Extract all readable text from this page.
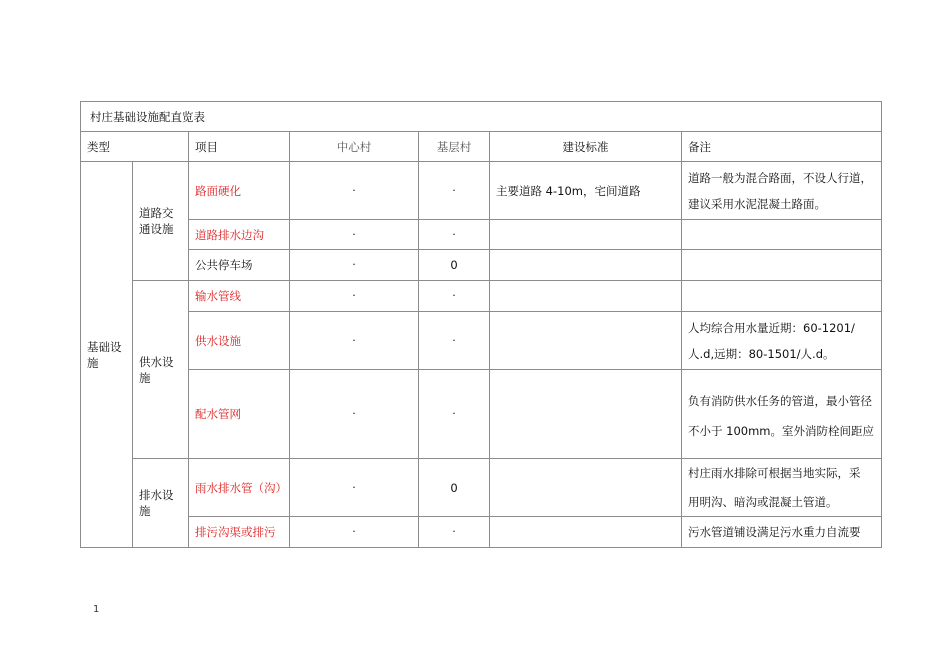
村庄基础设施配直览表						
类型		项目	中心村	基层村	建设标准	备注
基础设施	道路交通设施	路面硬化	·	·	主要道路 4-10m，宅间道路	道路一般为混合路面，不设人行道，

建议采用水泥混凝土路面。

		道路排水边沟	·	·		
		公共停车场	·	0		
	供水设施	输水管线	·	·		
		供水设施	·	·		人均综合用水量近期：60-1201/

人.d,远期：80-1501/人.d。

		配水管网	·	·		负有消防供水任务的管道，最小管径

不小于 100mm。室外消防栓间距应

	排水设施	雨水排水管（沟）	·	0		村庄雨水排除可根据当地实际，采

用明沟、暗沟或混凝土管道。

		排污沟渠或排污	·	·		污水管道铺设满足污水重力自流要
1
